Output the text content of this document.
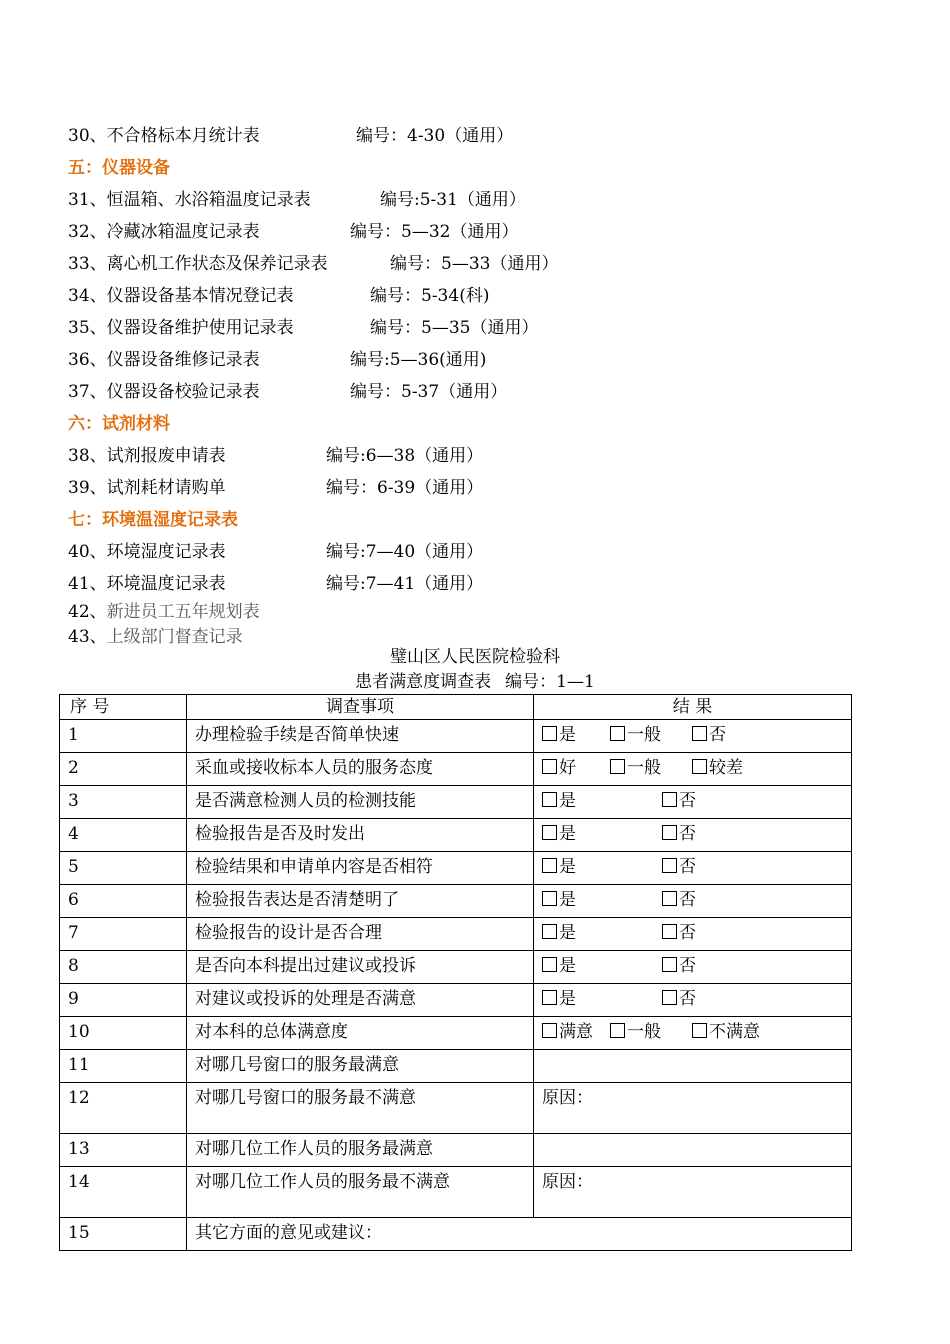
30、不合格标本月统计表	编号：4-30（通用）
五：仪器设备
31、恒温箱、水浴箱温度记录表	编号:5-31（通用）
32、冷藏冰箱温度记录表	编号：5—32（通用）
33、离心机工作状态及保养记录表	编号：5—33（通用）
34、仪器设备基本情况登记表	编号：5-34(科)
35、仪器设备维护使用记录表	编号：5—35（通用）
36、仪器设备维修记录表	编号:5—36(通用)
37、仪器设备校验记录表	编号：5-37（通用）
六：试剂材料
38、试剂报废申请表	编号:6—38（通用）
39、试剂耗材请购单	编号：6-39（通用）
七：环境温湿度记录表
40、环境湿度记录表	编号:7—40（通用）
41、环境温度记录表	编号:7—41（通用）
42、新进员工五年规划表
43、上级部门督查记录
璧山区人民医院检验科
患者满意度调查表 编号：1—1
序 号	调查事项	结 果
1	办理检验手续是否简单快速	是 一般 否

2	采血或接收标本人员的服务态度	好 一般 较差

3	是否满意检测人员的检测技能	是 否

4	检验报告是否及时发出	是 否

5	检验结果和申请单内容是否相符	是 否

6	检验报告表达是否清楚明了	是 否

7	检验报告的设计是否合理	是 否

8	是否向本科提出过建议或投诉	是 否

9	对建议或投诉的处理是否满意	是 否

10	对本科的总体满意度	满意 一般 不满意

11	对哪几号窗口的服务最满意	
12	对哪几号窗口的服务最不满意	原因：
13	对哪几位工作人员的服务最满意	
14	对哪几位工作人员的服务最不满意	原因：
15	其它方面的意见或建议：	
